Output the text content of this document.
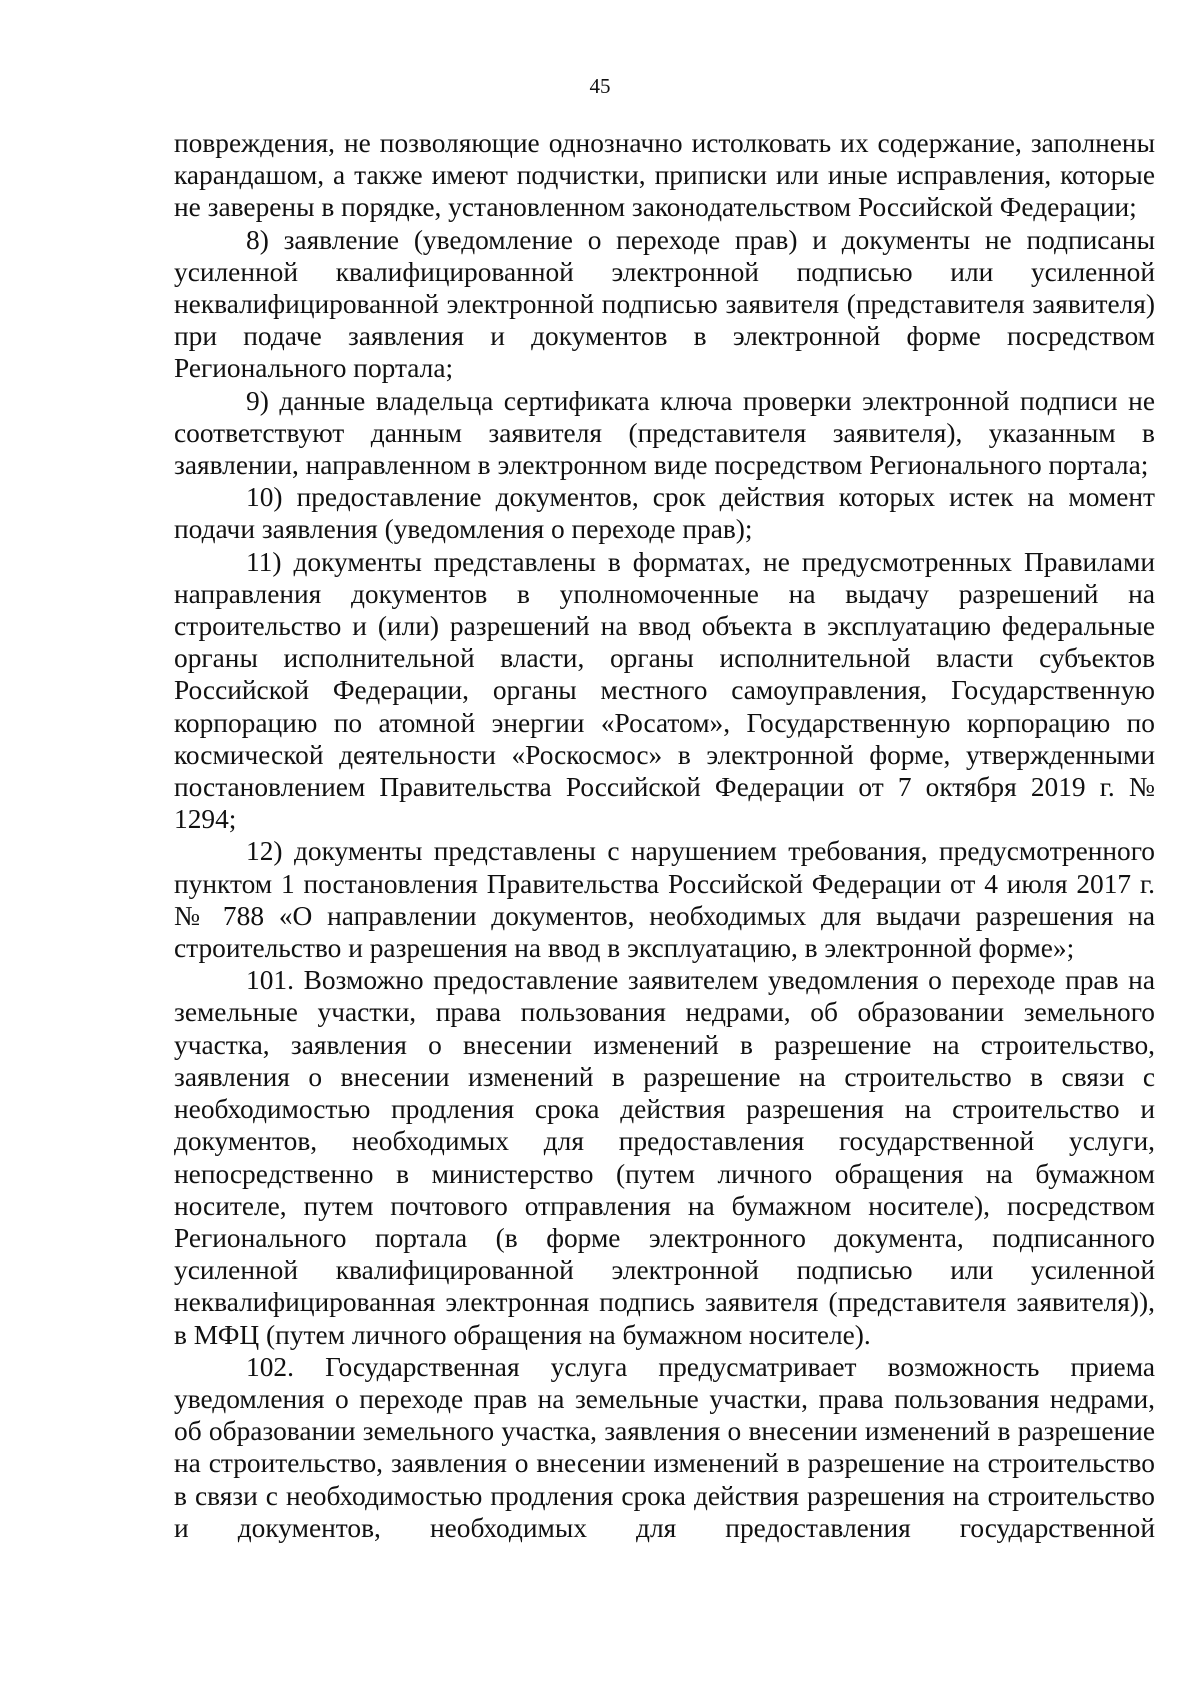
45

повреждения, не позволяющие однозначно истолковать их содержание, заполнены карандашом, а также имеют подчистки, приписки или иные исправления, которые не заверены в порядке, установленном законодательством Российской Федерации;

8) заявление (уведомление о переходе прав) и документы не подписаны усиленной квалифицированной электронной подписью или усиленной неквалифицированной электронной подписью заявителя (представителя заявителя) при подаче заявления и документов в электронной форме посредством Регионального портала;

9) данные владельца сертификата ключа проверки электронной подписи не соответствуют данным заявителя (представителя заявителя), указанным в заявлении, направленном в электронном виде посредством Регионального портала;

10) предоставление документов, срок действия которых истек на момент подачи заявления (уведомления о переходе прав);

11) документы представлены в форматах, не предусмотренных Правилами направления документов в уполномоченные на выдачу разрешений на строительство и (или) разрешений на ввод объекта в эксплуатацию федеральные органы исполнительной власти, органы исполнительной власти субъектов Российской Федерации, органы местного самоуправления, Государственную корпорацию по атомной энергии «Росатом», Государственную корпорацию по космической деятельности «Роскосмос» в электронной форме, утвержденными постановлением Правительства Российской Федерации от 7 октября 2019 г. № 1294;

12) документы представлены с нарушением требования, предусмотренного пунктом 1 постановления Правительства Российской Федерации от 4 июля 2017 г. № 788 «О направлении документов, необходимых для выдачи разрешения на строительство и разрешения на ввод в эксплуатацию, в электронной форме»;

101. Возможно предоставление заявителем уведомления о переходе прав на земельные участки, права пользования недрами, об образовании земельного участка, заявления о внесении изменений в разрешение на строительство, заявления о внесении изменений в разрешение на строительство в связи с необходимостью продления срока действия разрешения на строительство и документов, необходимых для предоставления государственной услуги, непосредственно в министерство (путем личного обращения на бумажном носителе, путем почтового отправления на бумажном носителе), посредством Регионального портала (в форме электронного документа, подписанного усиленной квалифицированной электронной подписью или усиленной неквалифицированная электронная подпись заявителя (представителя заявителя)), в МФЦ (путем личного обращения на бумажном носителе).

102. Государственная услуга предусматривает возможность приема уведомления о переходе прав на земельные участки, права пользования недрами, об образовании земельного участка, заявления о внесении изменений в разрешение на строительство, заявления о внесении изменений в разрешение на строительство в связи с необходимостью продления срока действия разрешения на строительство и документов, необходимых для предоставления государственной
